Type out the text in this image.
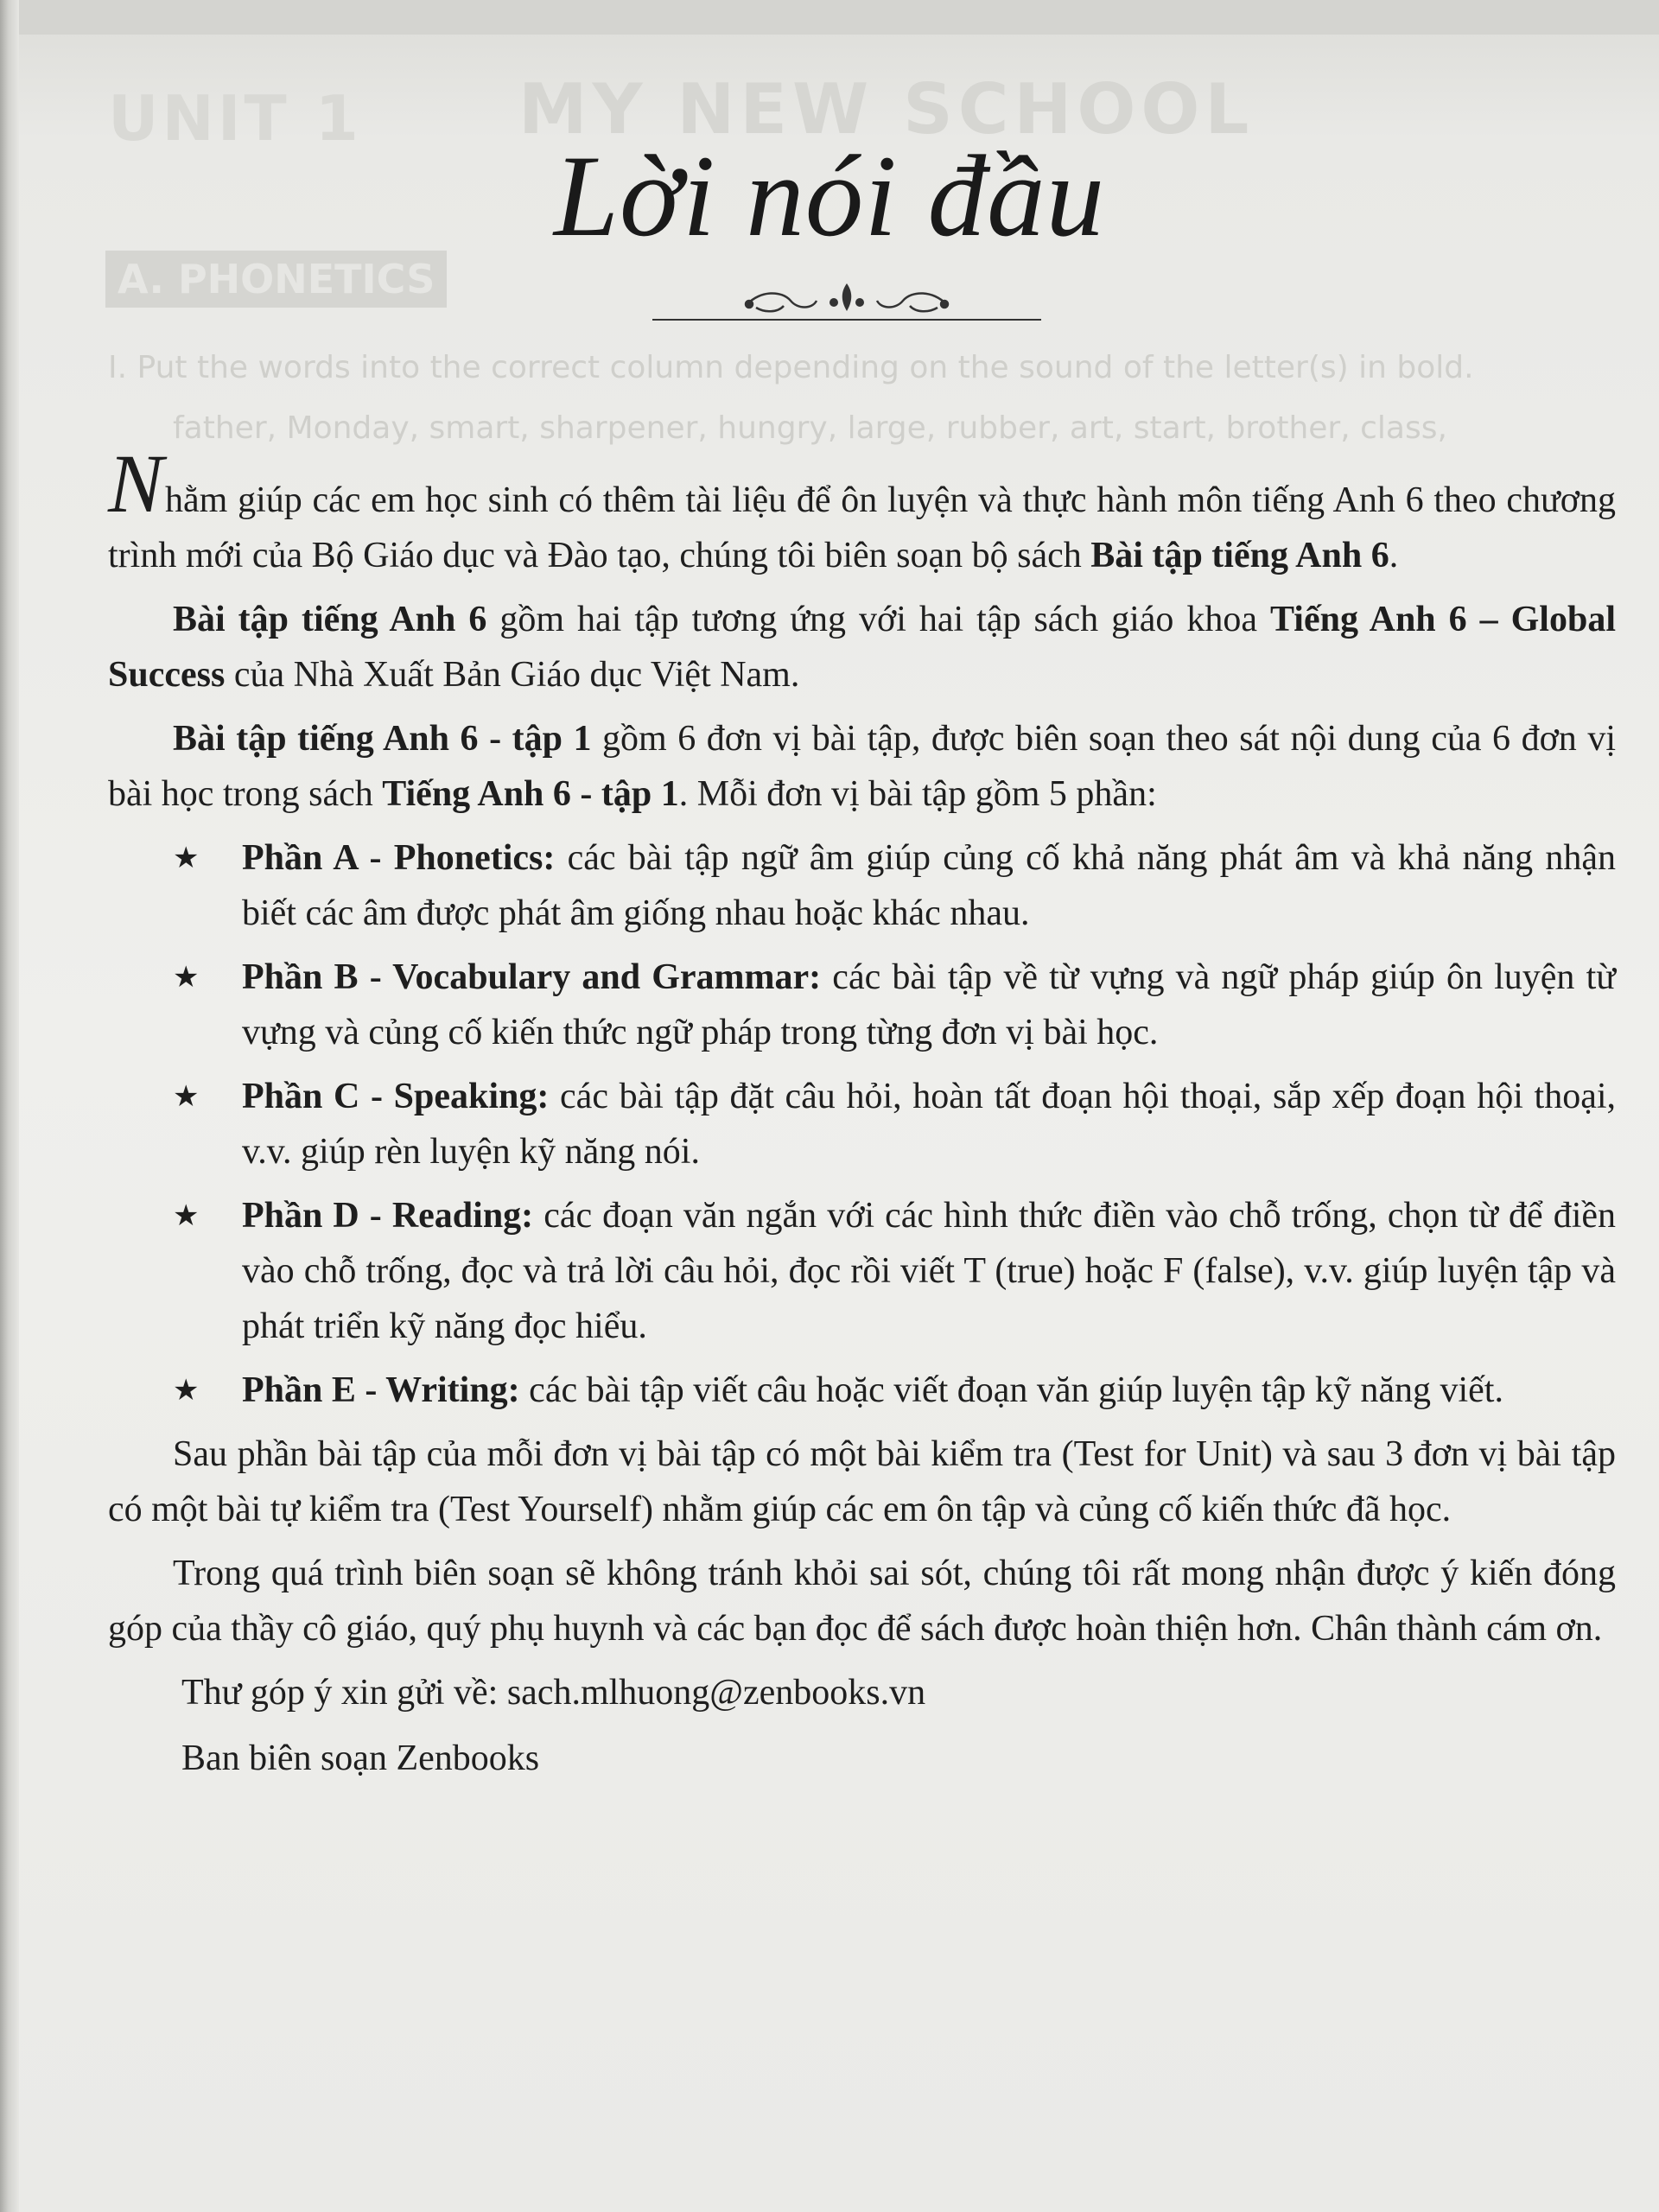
UNIT 1 MY NEW SCHOOL
A. PHONETICS
I. Put the words into the correct column depending on the sound of the letter(s) in bold.
father, Monday, smart, sharpener, hungry, large, rubber, art, start, brother, class,
Lời nói đầu

Nhằm giúp các em học sinh có thêm tài liệu để ôn luyện và thực hành môn tiếng Anh 6 theo chương trình mới của Bộ Giáo dục và Đào tạo, chúng tôi biên soạn bộ sách Bài tập tiếng Anh 6.

Bài tập tiếng Anh 6 gồm hai tập tương ứng với hai tập sách giáo khoa Tiếng Anh 6 – Global Success của Nhà Xuất Bản Giáo dục Việt Nam.

Bài tập tiếng Anh 6 - tập 1 gồm 6 đơn vị bài tập, được biên soạn theo sát nội dung của 6 đơn vị bài học trong sách Tiếng Anh 6 - tập 1. Mỗi đơn vị bài tập gồm 5 phần:

★ Phần A - Phonetics: các bài tập ngữ âm giúp củng cố khả năng phát âm và khả năng nhận biết các âm được phát âm giống nhau hoặc khác nhau.
★ Phần B - Vocabulary and Grammar: các bài tập về từ vựng và ngữ pháp giúp ôn luyện từ vựng và củng cố kiến thức ngữ pháp trong từng đơn vị bài học.
★ Phần C - Speaking: các bài tập đặt câu hỏi, hoàn tất đoạn hội thoại, sắp xếp đoạn hội thoại, v.v. giúp rèn luyện kỹ năng nói.
★ Phần D - Reading: các đoạn văn ngắn với các hình thức điền vào chỗ trống, chọn từ để điền vào chỗ trống, đọc và trả lời câu hỏi, đọc rồi viết T (true) hoặc F (false), v.v. giúp luyện tập và phát triển kỹ năng đọc hiểu.
★ Phần E - Writing: các bài tập viết câu hoặc viết đoạn văn giúp luyện tập kỹ năng viết.

Sau phần bài tập của mỗi đơn vị bài tập có một bài kiểm tra (Test for Unit) và sau 3 đơn vị bài tập có một bài tự kiểm tra (Test Yourself) nhằm giúp các em ôn tập và củng cố kiến thức đã học.

Trong quá trình biên soạn sẽ không tránh khỏi sai sót, chúng tôi rất mong nhận được ý kiến đóng góp của thầy cô giáo, quý phụ huynh và các bạn đọc để sách được hoàn thiện hơn. Chân thành cám ơn.

Thư góp ý xin gửi về: sach.mlhuong@zenbooks.vn

Ban biên soạn Zenbooks
